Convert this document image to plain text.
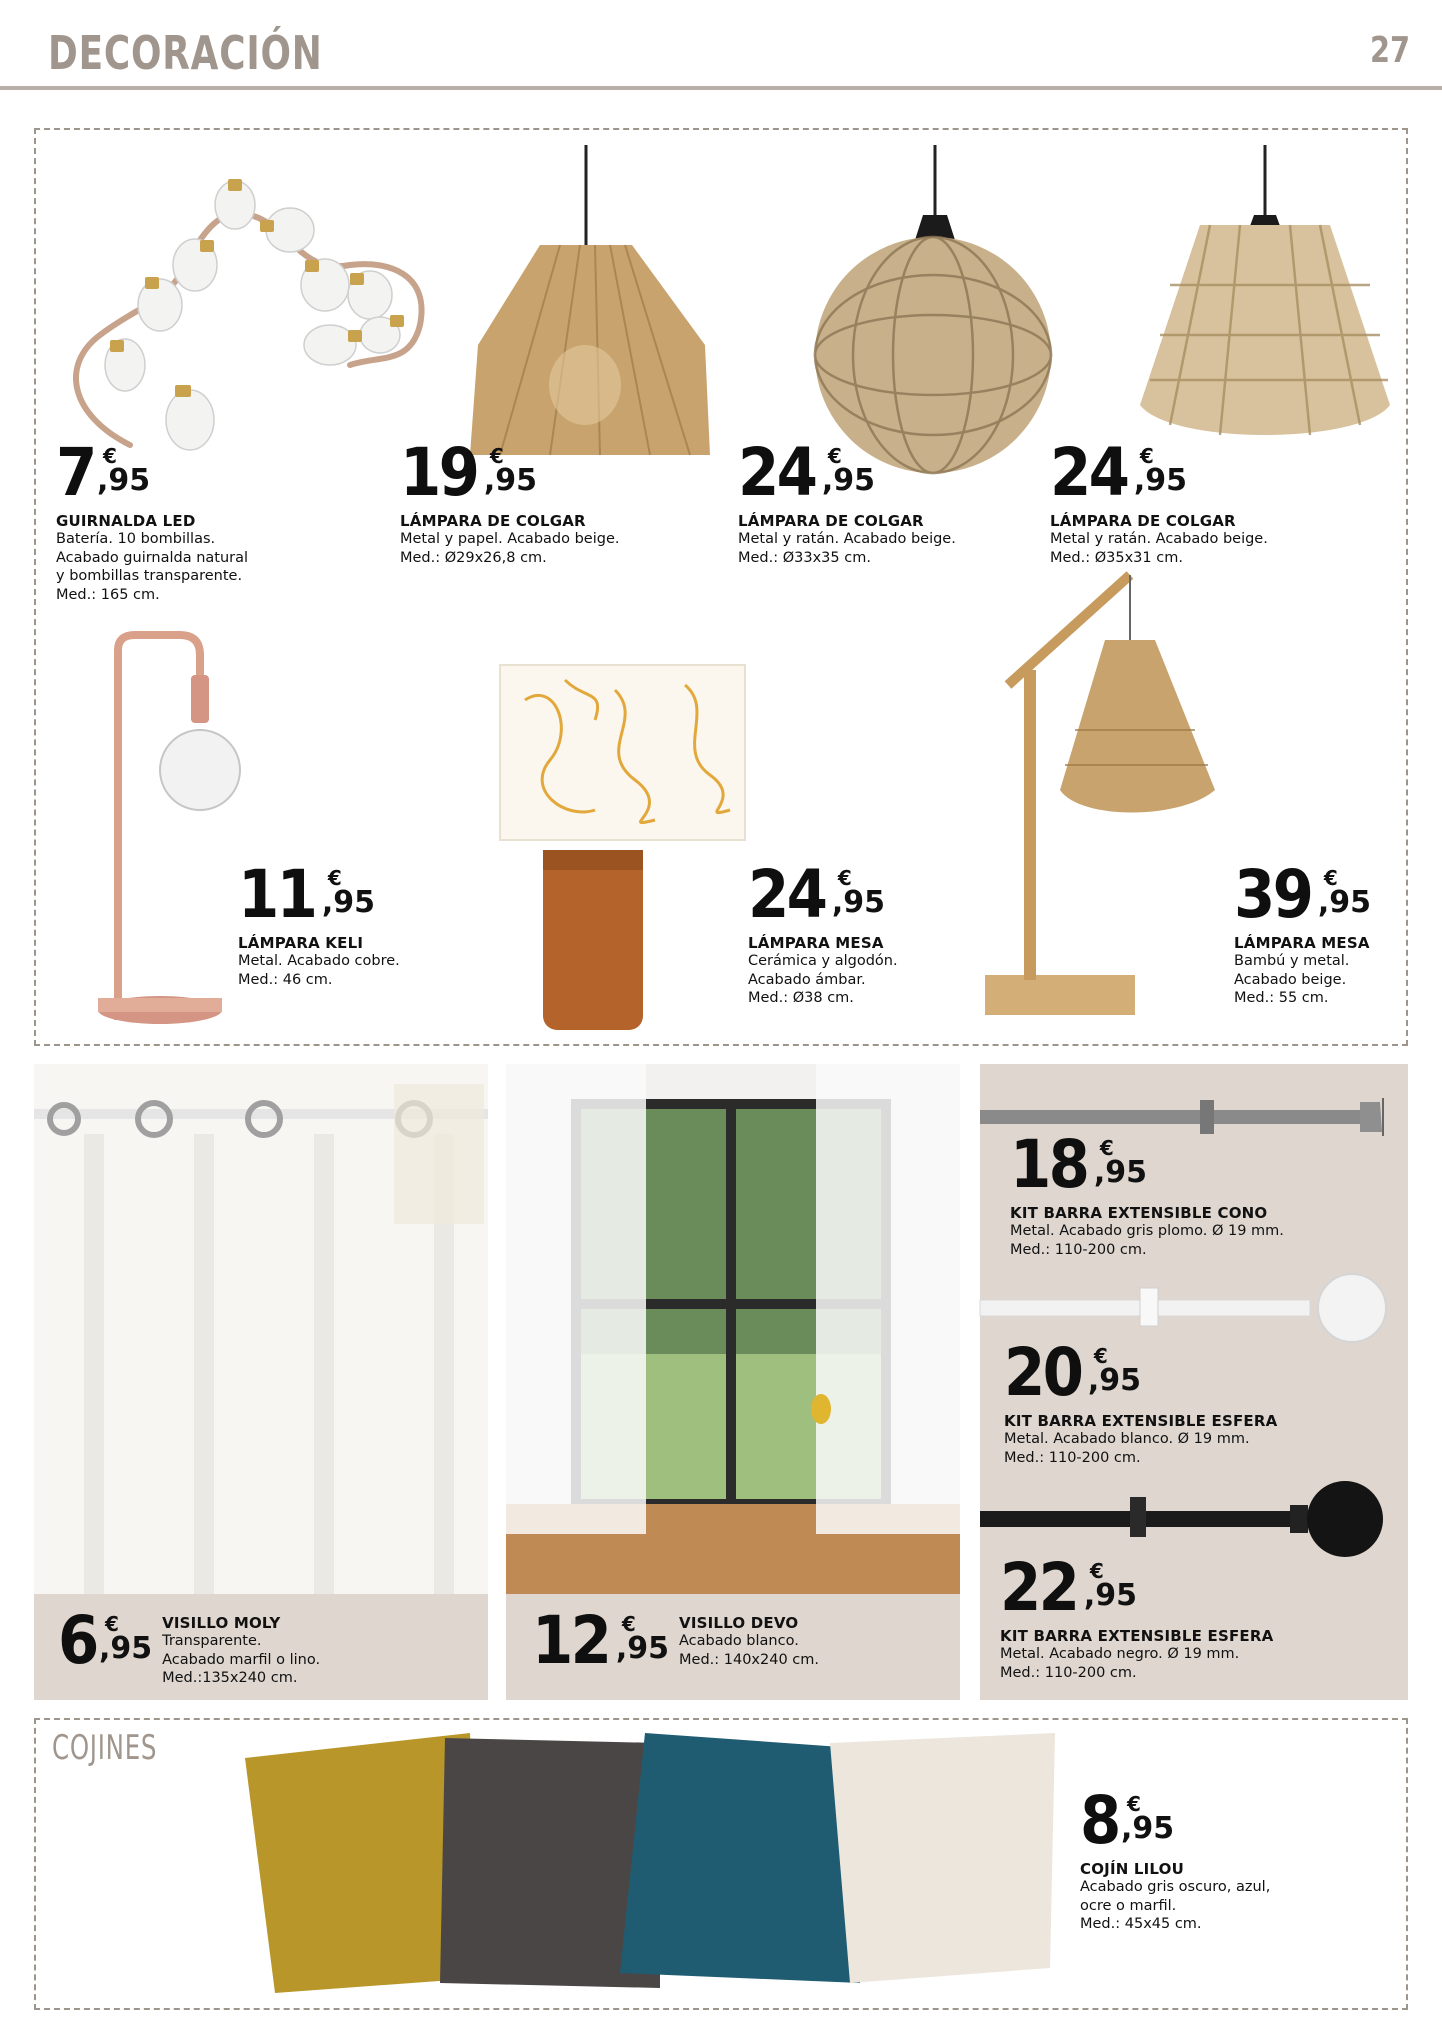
DECORACIÓN	27
7 €
,95
GUIRNALDA LED
Batería. 10 bombillas.
Acabado guirnalda natural
y bombillas transparente.
Med.: 165 cm.
19 €
,95
LÁMPARA DE COLGAR
Metal y papel. Acabado beige.
Med.: Ø29x26,8 cm.
24 €
,95
LÁMPARA DE COLGAR
Metal y ratán. Acabado beige.
Med.: Ø33x35 cm.
24 €
,95
LÁMPARA DE COLGAR
Metal y ratán. Acabado beige.
Med.: Ø35x31 cm.
11 €
,95
LÁMPARA KELI
Metal. Acabado cobre.
Med.: 46 cm.
24 €
,95
LÁMPARA MESA
Cerámica y algodón.
Acabado ámbar.
Med.: Ø38 cm.
39 €
,95
LÁMPARA MESA
Bambú y metal.
Acabado beige.
Med.: 55 cm.
6 €
,95
VISILLO MOLY
Transparente.
Acabado marfil o lino.
Med.:135x240 cm.	12 €
,95
VISILLO DEVO
Acabado blanco.
Med.: 140x240 cm.
18 €
,95
KIT BARRA EXTENSIBLE CONO
Metal. Acabado gris plomo. Ø 19 mm.
Med.: 110-200 cm.
20 €
,95
KIT BARRA EXTENSIBLE ESFERA
Metal. Acabado blanco. Ø 19 mm.
Med.: 110-200 cm.
22 €
,95
KIT BARRA EXTENSIBLE ESFERA
Metal. Acabado negro. Ø 19 mm.
Med.: 110-200 cm.
COJINES
8 €
,95
COJÍN LILOU
Acabado gris oscuro, azul,
ocre o marfil.
Med.: 45x45 cm.
